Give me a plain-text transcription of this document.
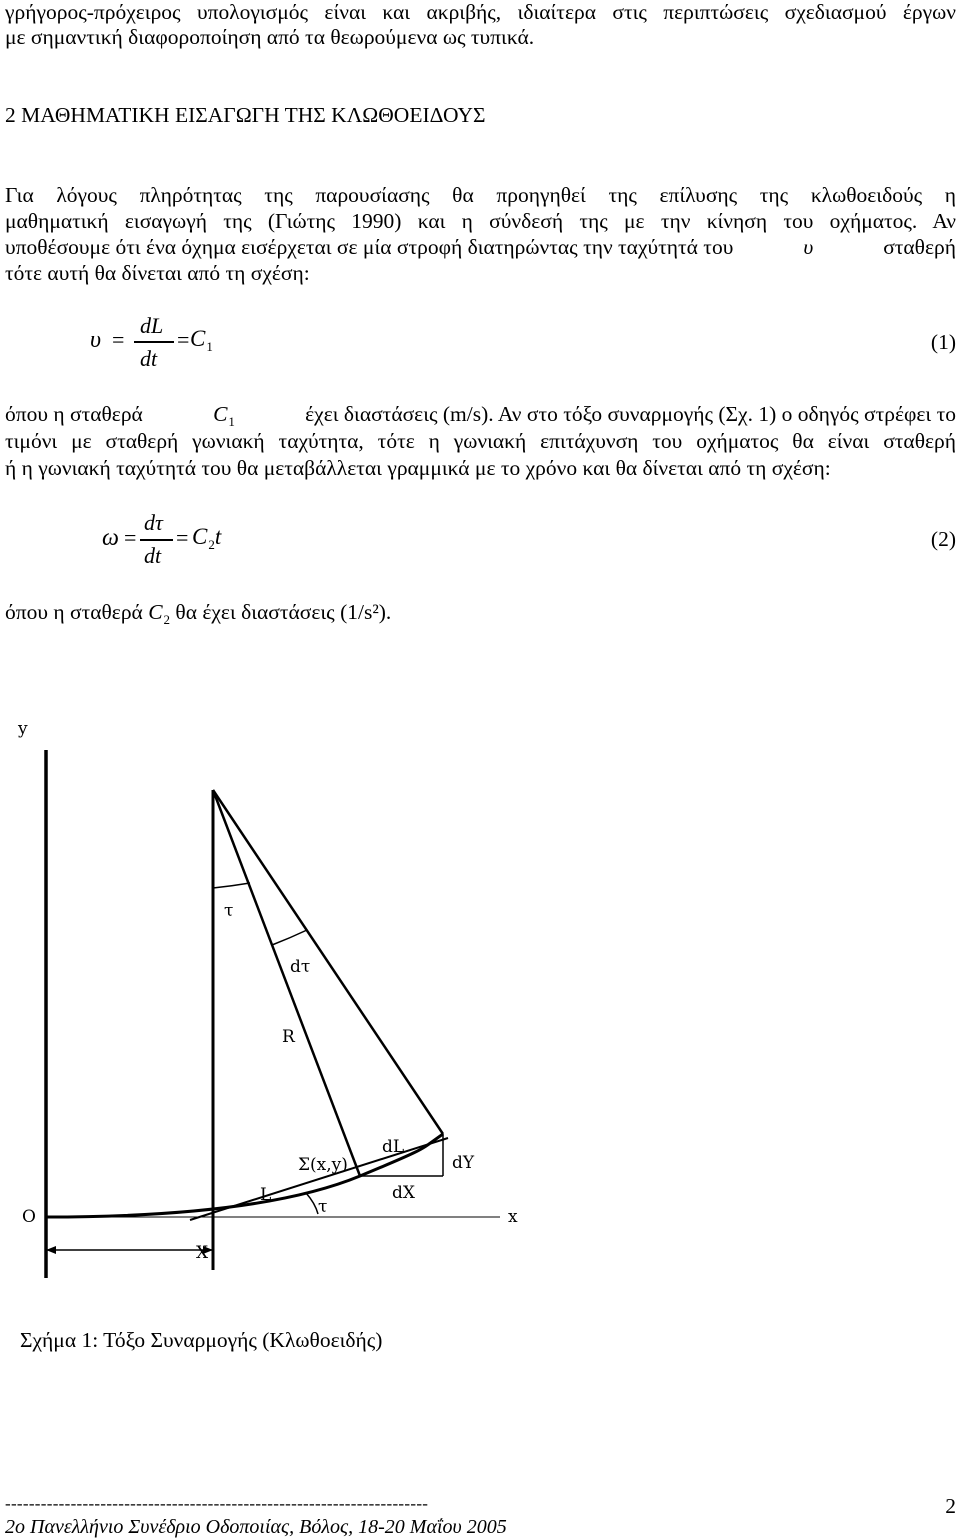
γρήγορος-πρόχειρος υπολογισμός είναι και ακριβής, ιδιαίτερα στις περιπτώσεις σχεδιασμού έργων
με σημαντική διαφοροποίηση από τα θεωρούμενα ως τυπικά.
2 ΜΑΘΗΜΑΤΙΚΗ ΕΙΣΑΓΩΓΗ ΤΗΣ ΚΛΩΘΟΕΙΔΟΥΣ
Για λόγους πληρότητας της παρουσίασης θα προηγηθεί της επίλυσης της κλωθοειδούς η
μαθηματική εισαγωγή της (Γιώτης 1990) και η σύνδεσή της με την κίνηση του οχήματος. Αν
υποθέσουμε ότι ένα όχημα εισέρχεται σε μία στροφή διατηρώντας την ταχύτητά του	υ	σταθερή
τότε αυτή θα δίνεται από τη σχέση:
υ =
dL
dt
= $C_1$	(1)
όπου η σταθερά	$C_1$	έχει διαστάσεις (m/s). Αν στο τόξο συναρμογής (Σχ. 1) ο οδηγός στρέφει το
τιμόνι με σταθερή γωνιακή ταχύτητα, τότε η γωνιακή επιτάχυνση του οχήματος θα είναι σταθερή
ή η γωνιακή ταχύτητά του θα μεταβάλλεται γραμμικά με το χρόνο και θα δίνεται από τη σχέση:
ω =
dτ
dt
= $C_2t$	(2)
όπου η σταθερά $C_2$ θα έχει διαστάσεις (1/s²).
y
τ
dτ
R
dL
Σ(x,y)	dY
L	dX
τ
O	x
X
Σχήμα 1: Τόξο Συναρμογής (Κλωθοειδής)
-----------------------------------------------------------------------
2ο Πανελλήνιο Συνέδριο Οδοποιίας, Βόλος, 18-20 Μαΐου 2005
2
